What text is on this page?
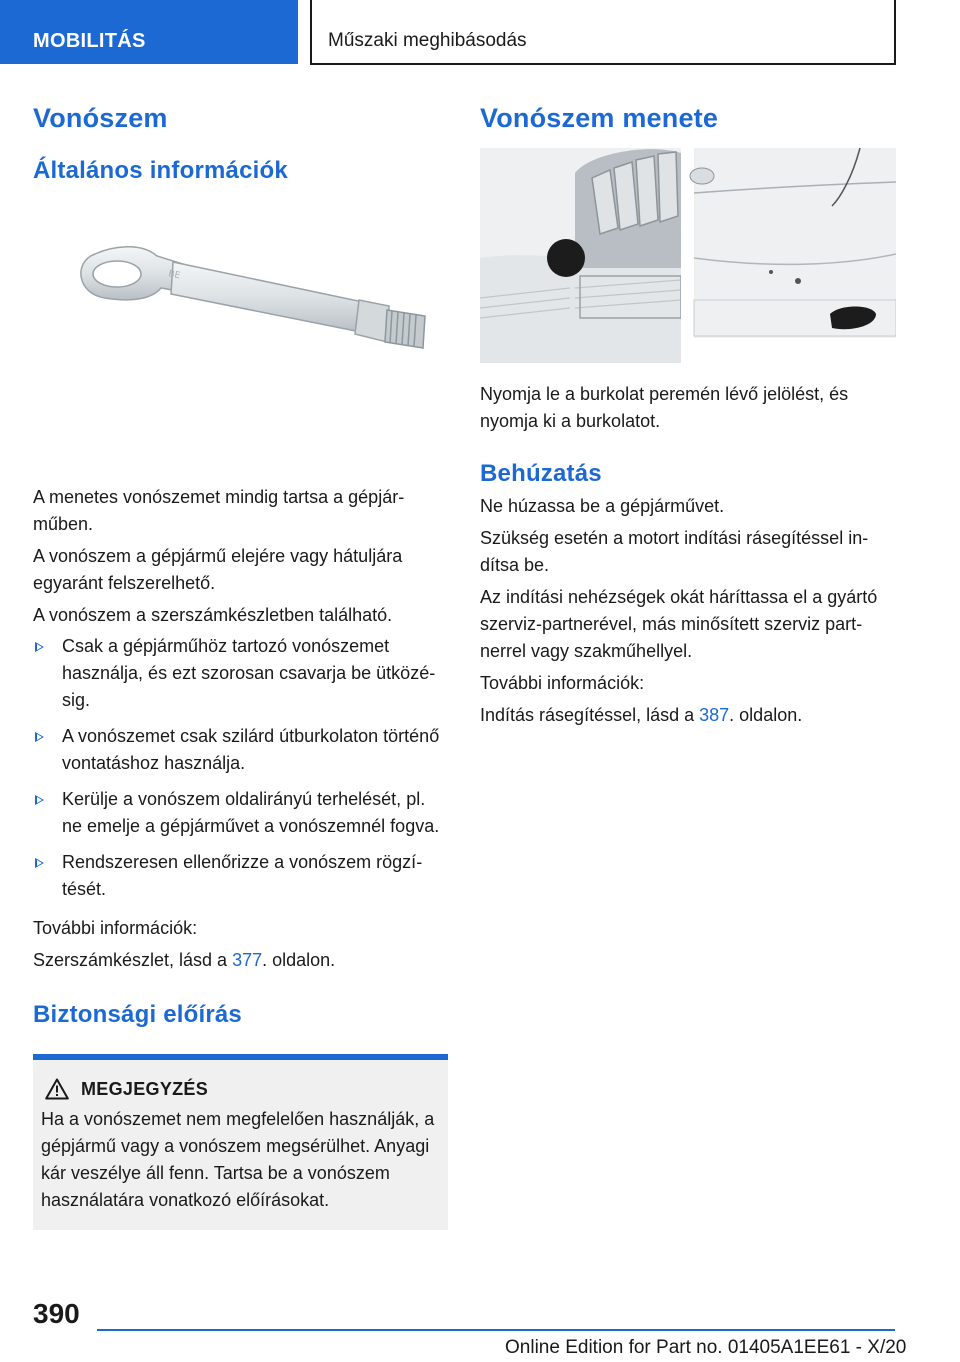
MOBILITÁS	Műszaki meghibásodás
Vonószem
Általános információk
BE

A menetes vonószemet mindig tartsa a gépjárműben.

A vonószem a gépjármű elejére vagy hátuljára egyaránt felszerelhető.

A vonószem a szerszámkészletben található.

Csak a gépjárműhöz tartozó vonószemet használja, és ezt szorosan csavarja be ütközésig.
A vonószemet csak szilárd útburkolaton történő vontatáshoz használja.
Kerülje a vonószem oldalirányú terhelését, pl. ne emelje a gépjárművet a vonószemnél fogva.
Rendszeresen ellenőrizze a vonószem rögzítését.

További információk:

Szerszámkészlet, lásd a 377. oldalon.

Biztonsági előírás
MEGJEGYZÉS

Ha a vonószemet nem megfelelően használják, a gépjármű vagy a vonószem megsérülhet. Anyagi kár veszélye áll fenn. Tartsa be a vonószem használatára vonatkozó előírásokat.

Vonószem menete

Nyomja le a burkolat peremén lévő jelölést, és nyomja ki a burkolatot.

Behúzatás

Ne húzassa be a gépjárművet.

Szükség esetén a motort indítási rásegítéssel indítsa be.

Az indítási nehézségek okát háríttassa el a gyártó szerviz-partnerével, más minősített szerviz partnerrel vagy szakműhellyel.

További információk:

Indítás rásegítéssel, lásd a 387. oldalon.

390
Online Edition for Part no. 01405A1EE61 - X/20
